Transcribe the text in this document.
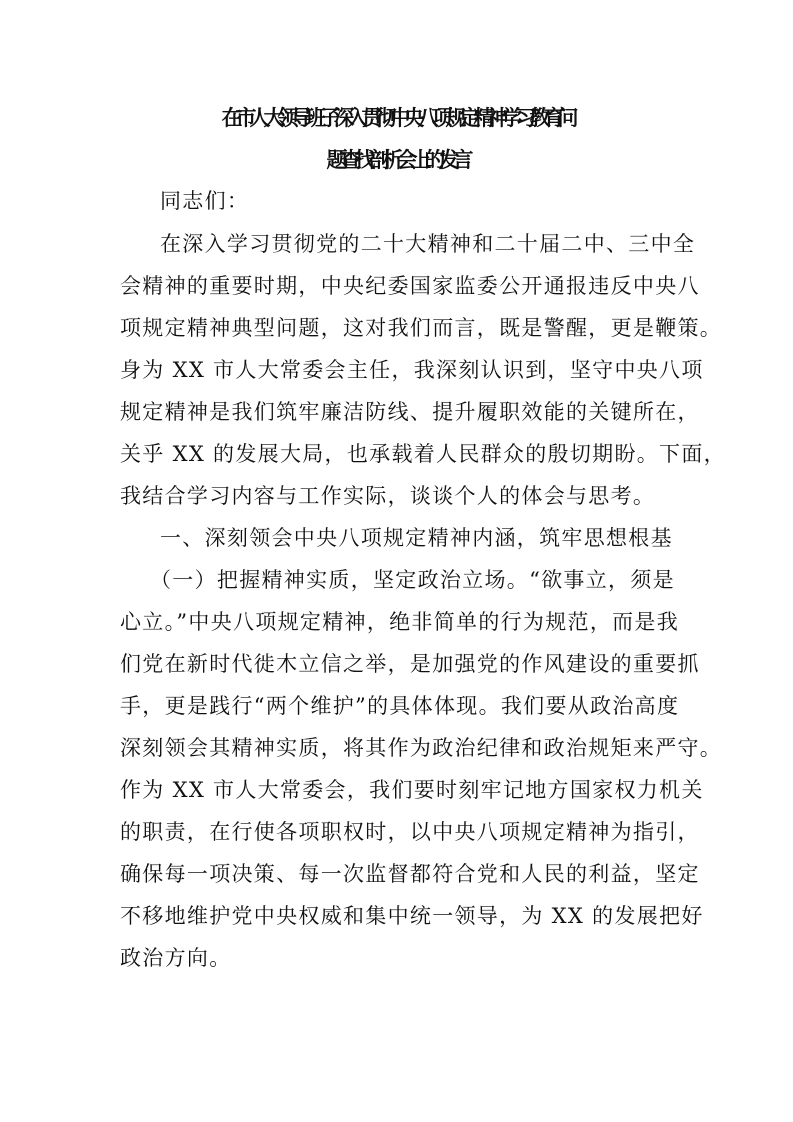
在市人大领导班子深入贯彻中央八项规定精神学习教育问
题查找剖析会上的发言
同志们：
在深入学习贯彻党的二十大精神和二十届二中、三中全
会精神的重要时期，中央纪委国家监委公开通报违反中央八
项规定精神典型问题，这对我们而言，既是警醒，更是鞭策。
身为 XX 市人大常委会主任，我深刻认识到，坚守中央八项
规定精神是我们筑牢廉洁防线、提升履职效能的关键所在，
关乎 XX 的发展大局，也承载着人民群众的殷切期盼。下面，
我结合学习内容与工作实际，谈谈个人的体会与思考。
一、深刻领会中央八项规定精神内涵，筑牢思想根基
（一）把握精神实质，坚定政治立场。“欲事立，须是
心立。”中央八项规定精神，绝非简单的行为规范，而是我
们党在新时代徙木立信之举，是加强党的作风建设的重要抓
手，更是践行“两个维护”的具体体现。我们要从政治高度
深刻领会其精神实质，将其作为政治纪律和政治规矩来严守。
作为 XX 市人大常委会，我们要时刻牢记地方国家权力机关
的职责，在行使各项职权时，以中央八项规定精神为指引，
确保每一项决策、每一次监督都符合党和人民的利益，坚定
不移地维护党中央权威和集中统一领导，为 XX 的发展把好
政治方向。
